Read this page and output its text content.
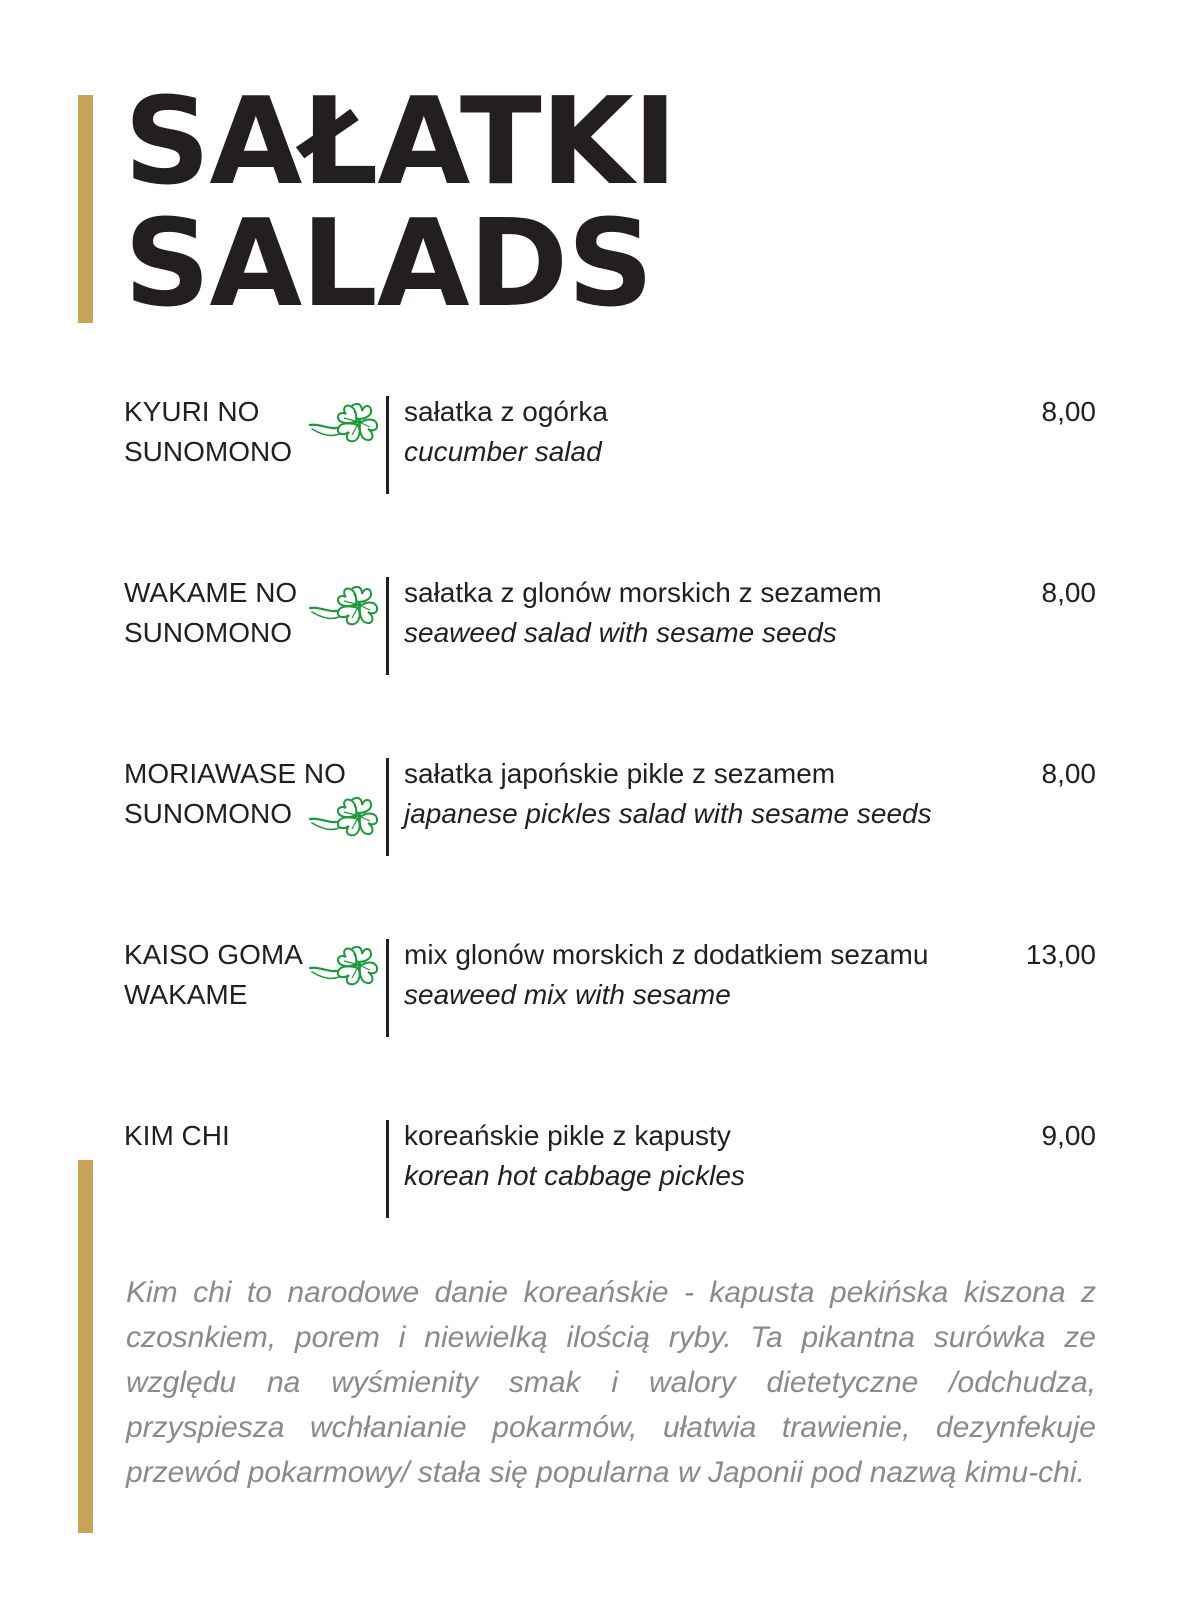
SAŁATKI
SALADS
KYURI NO
SUNOMONO
sałatka z ogórka
cucumber salad
8,00
WAKAME NO
SUNOMONO
sałatka z glonów morskich z sezamem
seaweed salad with sesame seeds
8,00
MORIAWASE NO
SUNOMONO
sałatka japońskie pikle z sezamem
japanese pickles salad with sesame seeds
8,00
KAISO GOMA
WAKAME
mix glonów morskich z dodatkiem sezamu
seaweed mix with sesame
13,00
KIM CHI	koreańskie pikle z kapusty
korean hot cabbage pickles
9,00

Kim chi to narodowe danie koreańskie - kapusta pekińska kiszona z czosnkiem, porem i niewielką ilością ryby. Ta pikantna surówka ze względu na wyśmienity smak i walory dietetyczne /odchudza, przyspiesza wchłanianie pokarmów, ułatwia trawienie, dezynfekuje przewód pokarmowy/ stała się popularna w Japonii pod nazwą kimu-chi.
